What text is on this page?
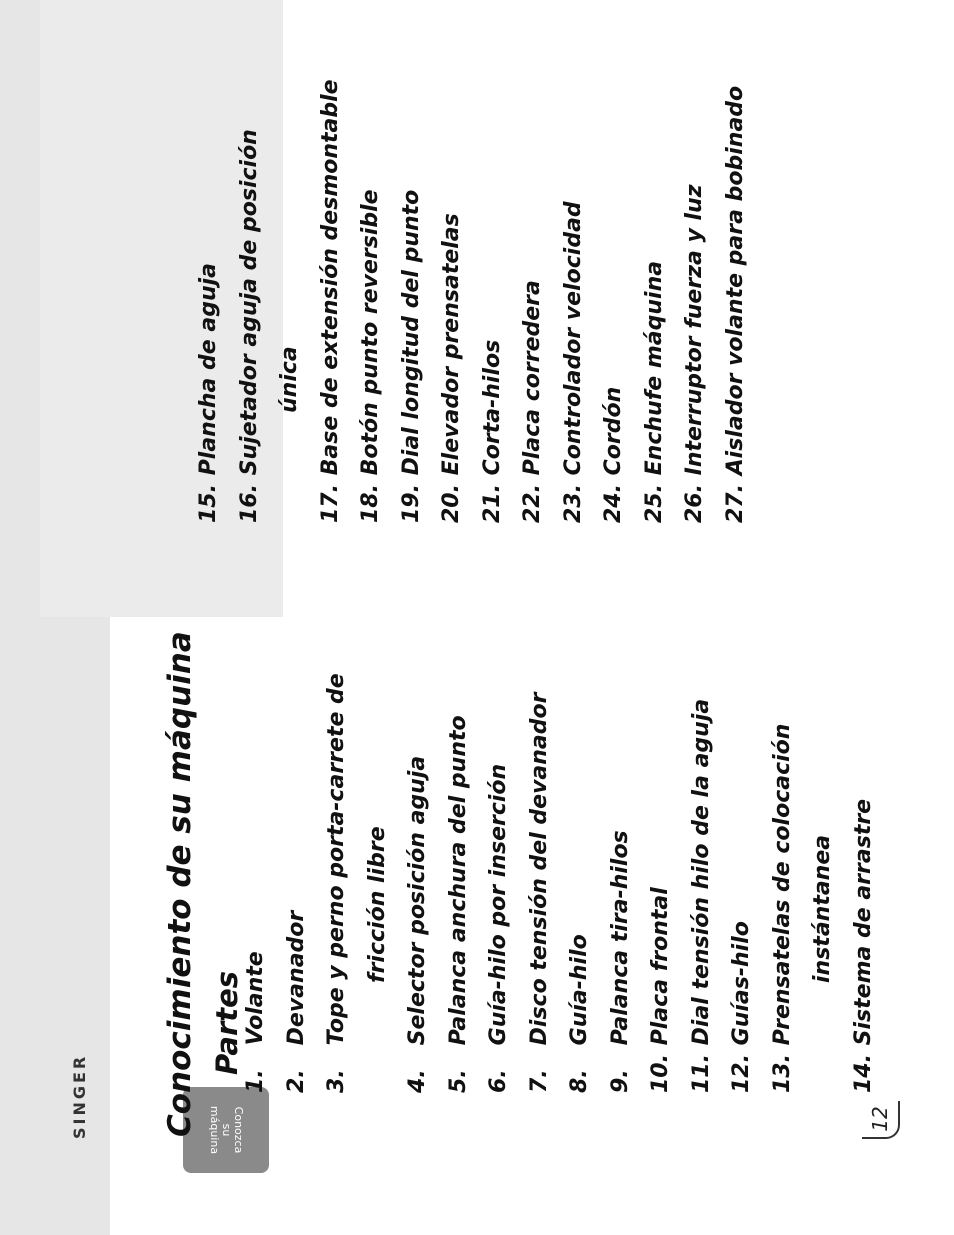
SINGER	Conozca
su
máquina
Conocimiento de su máquina Partes
1. Volante
2. Devanador
3. Tope y perno porta-carrete de fricción libre
4. Selector posición aguja
5. Palanca anchura del punto
6. Guía-hilo por inserción
7. Disco tensión del devanador
8. Guía-hilo
9. Palanca tira-hilos
10. Placa frontal
11. Dial tensión hilo de la aguja
12. Guías-hilo
13. Prensatelas de colocación instántanea
14. Sistema de arrastre
15. Plancha de aguja
16. Sujetador aguja de posición única
17. Base de extensión desmontable
18. Botón punto reversible
19. Dial longitud del punto
20. Elevador prensatelas
21. Corta-hilos
22. Placa corredera
23. Controlador velocidad
24. Cordón
25. Enchufe máquina
26. Interruptor fuerza y luz
27. Aislador volante para bobinado
12
